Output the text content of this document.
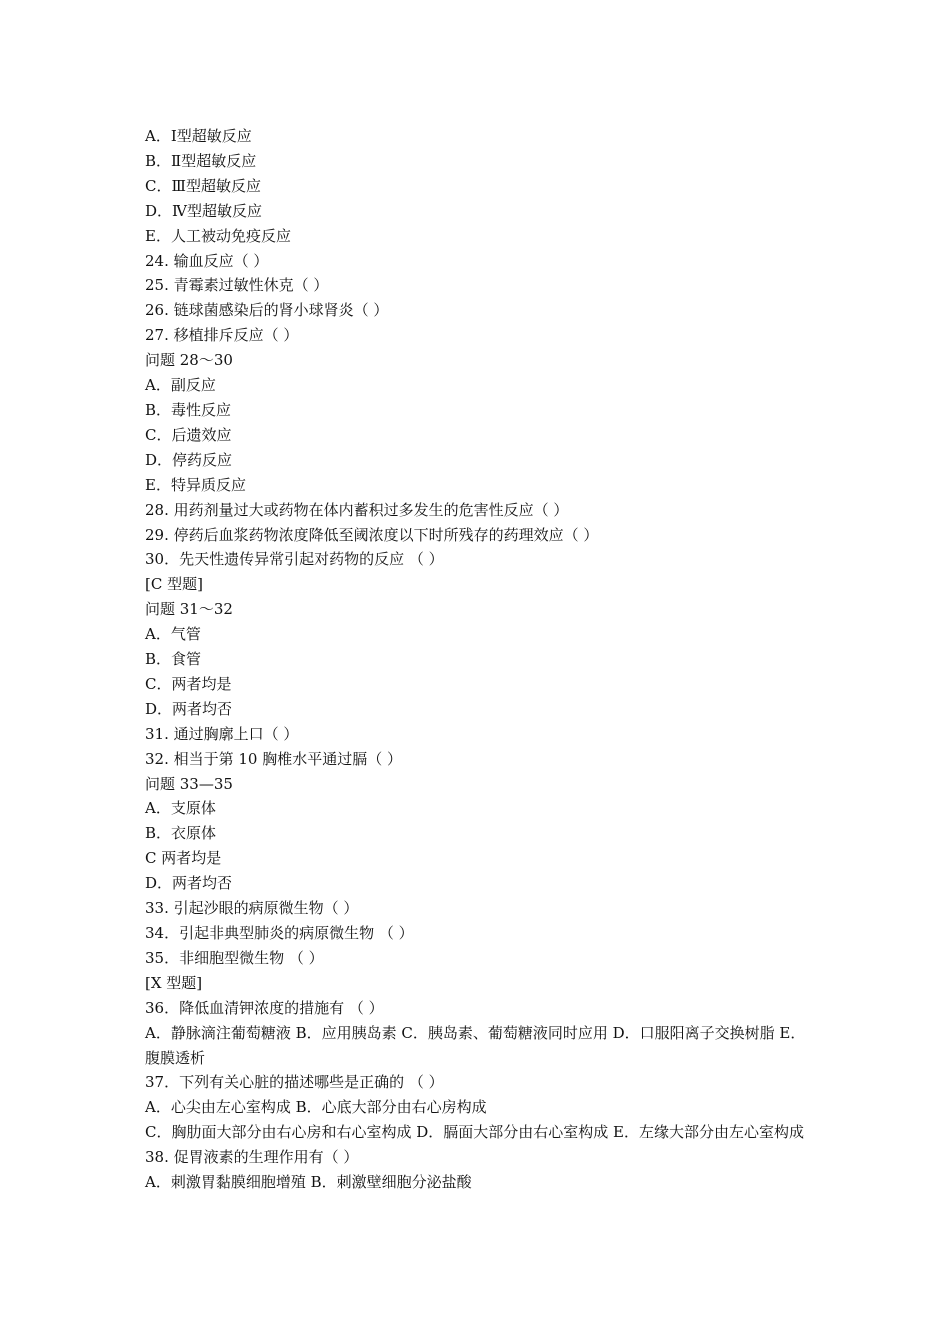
A．Ⅰ型超敏反应
B．Ⅱ型超敏反应
C．Ⅲ型超敏反应
D．Ⅳ型超敏反应
E．人工被动免疫反应
24. 输血反应（ ）
25. 青霉素过敏性休克（ ）
26. 链球菌感染后的肾小球肾炎（ ）
27. 移植排斥反应（ ）
问题 28～30
A．副反应
B．毒性反应
C．后遗效应
D．停药反应
E．特异质反应
28. 用药剂量过大或药物在体内蓄积过多发生的危害性反应（ ）
29. 停药后血浆药物浓度降低至阈浓度以下时所残存的药理效应（ ）
30．先天性遗传异常引起对药物的反应 （ ）
[C 型题]
问题 31～32
A．气管
B．食管
C．两者均是
D．两者均否
31. 通过胸廓上口（ ）
32. 相当于第 10 胸椎水平通过膈（ ）
问题 33—35
A．支原体
B．衣原体
C 两者均是
D．两者均否
33. 引起沙眼的病原微生物（ ）
34．引起非典型肺炎的病原微生物 （ ）
35．非细胞型微生物 （ ）
[X 型题]
36．降低血清钾浓度的措施有 （ ）
A．静脉滴注葡萄糖液 B．应用胰岛素 C．胰岛素、葡萄糖液同时应用 D．口服阳离子交换树脂 E．腹膜透析
37．下列有关心脏的描述哪些是正确的 （ ）
A．心尖由左心室构成 B．心底大部分由右心房构成
C．胸肋面大部分由右心房和右心室构成 D．膈面大部分由右心室构成 E．左缘大部分由左心室构成
38. 促胃液素的生理作用有（ ）
A．刺激胃黏膜细胞增殖 B．刺激壁细胞分泌盐酸
